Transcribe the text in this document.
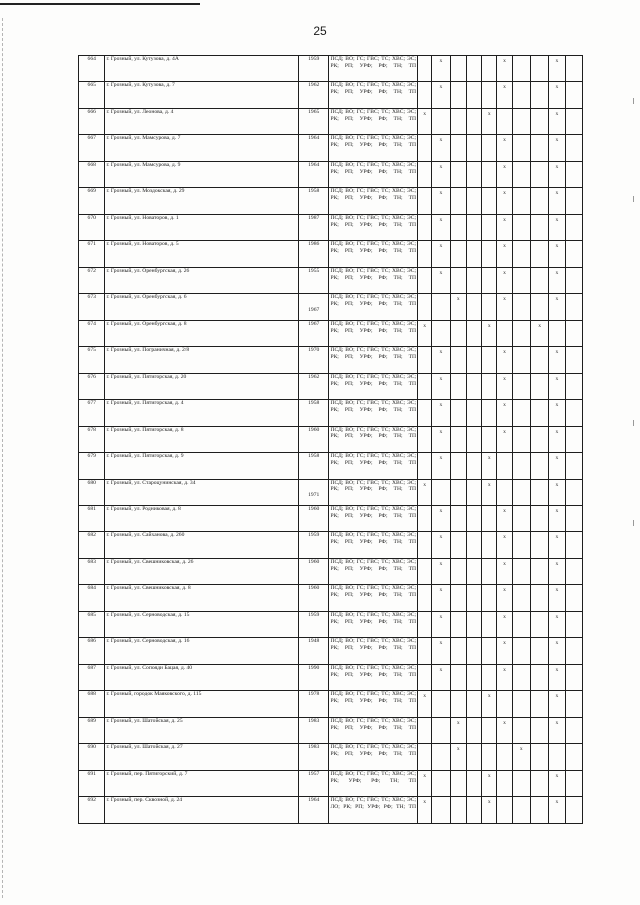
25
664	г. Грозный, ул. Кутузова, д. 4А	1959	ПСД; ВО; ГС; ГВС; ТС; ХВС; ЭС; РК; РП; УРФ; РФ; ТН; ТП		x				x			x	

665	г. Грозный, ул. Кутузова, д. 7	1962	ПСД; ВО; ГС; ГВС; ТС; ХВС; ЭС; РК; РП; УРФ; РФ; ТН; ТП		x				x			x	

666	г. Грозный, ул. Леонова, д. 4	1965	ПСД; ВО; ГС; ГВС; ТС; ХВС; ЭС; РК; РП; УРФ; РФ; ТН; ТП	x				x				x	

667	г. Грозный, ул. Мамсурова, д. 7	1964	ПСД; ВО; ГС; ГВС; ТС; ХВС; ЭС; РК; РП; УРФ; РФ; ТН; ТП		x				x			x	

668	г. Грозный, ул. Мамсурова, д. 9	1964	ПСД; ВО; ГС; ГВС; ТС; ХВС; ЭС; РК; РП; УРФ; РФ; ТН; ТП		x				x			x	

669	г. Грозный, ул. Моздокская, д. 29	1958	ПСД; ВО; ГС; ГВС; ТС; ХВС; ЭС; РК; РП; УРФ; РФ; ТН; ТП		x				x			x	

670	г. Грозный, ул. Новаторов, д. 1	1987	ПСД; ВО; ГС; ГВС; ТС; ХВС; ЭС; РК; РП; УРФ; РФ; ТН; ТП		x				x			x	

671	г. Грозный, ул. Новаторов, д. 5	1986	ПСД; ВО; ГС; ГВС; ТС; ХВС; ЭС; РК; РП; УРФ; РФ; ТН; ТП		x				x			x	

672	г. Грозный, ул. Оренбургская, д. 26	1955	ПСД; ВО; ГС; ГВС; ТС; ХВС; ЭС; РК; РП; УРФ; РФ; ТН; ТП		x				x			x	

673	г. Грозный, ул. Оренбургская, д. 6	1967	ПСД; ВО; ГС; ГВС; ТС; ХВС; ЭС; РК; РП; УРФ; РФ; ТН; ТП			x			x			x	

674	г. Грозный, ул. Оренбургская, д. 8	1967	ПСД; ВО; ГС; ГВС; ТС; ХВС; ЭС; РК; РП; УРФ; РФ; ТН; ТП	x				x			x		

675	г. Грозный, ул. Пограничная, д. 2/8	1970	ПСД; ВО; ГС; ГВС; ТС; ХВС; ЭС; РК; РП; УРФ; РФ; ТН; ТП		x				x			x	

676	г. Грозный, ул. Пятигорская, д. 20	1962	ПСД; ВО; ГС; ГВС; ТС; ХВС; ЭС; РК; РП; УРФ; РФ; ТН; ТП		x				x			x	

677	г. Грозный, ул. Пятигорская, д. 4	1958	ПСД; ВО; ГС; ГВС; ТС; ХВС; ЭС; РК; РП; УРФ; РФ; ТН; ТП		x				x			x	

678	г. Грозный, ул. Пятигорская, д. 8	1960	ПСД; ВО; ГС; ГВС; ТС; ХВС; ЭС; РК; РП; УРФ; РФ; ТН; ТП		x				x			x	

679	г. Грозный, ул. Пятигорская, д. 9	1958	ПСД; ВО; ГС; ГВС; ТС; ХВС; ЭС; РК; РП; УРФ; РФ; ТН; ТП		x			x				x	

680	г. Грозный, ул. Староцунинская, д. 34	1971	ПСД; ВО; ГС; ГВС; ТС; ХВС; ЭС; РК; РП; УРФ; РФ; ТН; ТП	x				x				x	

681	г. Грозный, ул. Родниковая, д. 8	1960	ПСД; ВО; ГС; ГВС; ТС; ХВС; ЭС; РК; РП; УРФ; РФ; ТН; ТП		x				x			x	

682	г. Грозный, ул. Сайханова, д. 260	1959	ПСД; ВО; ГС; ГВС; ТС; ХВС; ЭС; РК; РП; УРФ; РФ; ТН; ТП		x				x			x	

683	г. Грозный, ул. Свешниковская, д. 26	1960	ПСД; ВО; ГС; ГВС; ТС; ХВС; ЭС; РК; РП; УРФ; РФ; ТН; ТП		x				x			x	

684	г. Грозный, ул. Свешниковская, д. 8	1960	ПСД; ВО; ГС; ГВС; ТС; ХВС; ЭС; РК; РП; УРФ; РФ; ТН; ТП		x				x			x	

685	г. Грозный, ул. Серноводская, д. 15	1959	ПСД; ВО; ГС; ГВС; ТС; ХВС; ЭС; РК; РП; УРФ; РФ; ТН; ТП		x				x			x	

686	г. Грозный, ул. Серноводская, д. 16	1948	ПСД; ВО; ГС; ГВС; ТС; ХВС; ЭС; РК; РП; УРФ; РФ; ТН; ТП		x				x			x	

687	г. Грозный, ул. Сопояди Бацая, д. 40	1990	ПСД; ВО; ГС; ГВС; ТС; ХВС; ЭС; РК; РП; УРФ; РФ; ТН; ТП		x				x			x	

688	г. Грозный, городок Маяковского, д. 115	1978	ПСД; ВО; ГС; ГВС; ТС; ХВС; ЭС; РК; РП; УРФ; РФ; ТН; ТП	x				x				x	

689	г. Грозный, ул. Шатойская, д. 25	1983	ПСД; ВО; ГС; ГВС; ТС; ХВС; ЭС; РК; РП; УРФ; РФ; ТН; ТП			x			x			x	

690	г. Грозный, ул. Шатойская, д. 27	1983	ПСД; ВО; ГС; ГВС; ТС; ХВС; ЭС; РК; РП; УРФ; РФ; ТН; ТП			x				x			

691	г. Грозный, пер. Пятигорский, д. 7	1957	ПСД; ВО; ГС; ГВС; ТС; ХВС; ЭС; РК; УРФ; РФ; ТН; ТП	x				x				x	

692	г. Грозный, пер. Сквозной, д. 24	1964	ПСД; ВО; ГС; ГВС; ТС; ХВС; ЭС; ЛО; РК; РП; УРФ; РФ; ТН; ТП	x				x				x	
